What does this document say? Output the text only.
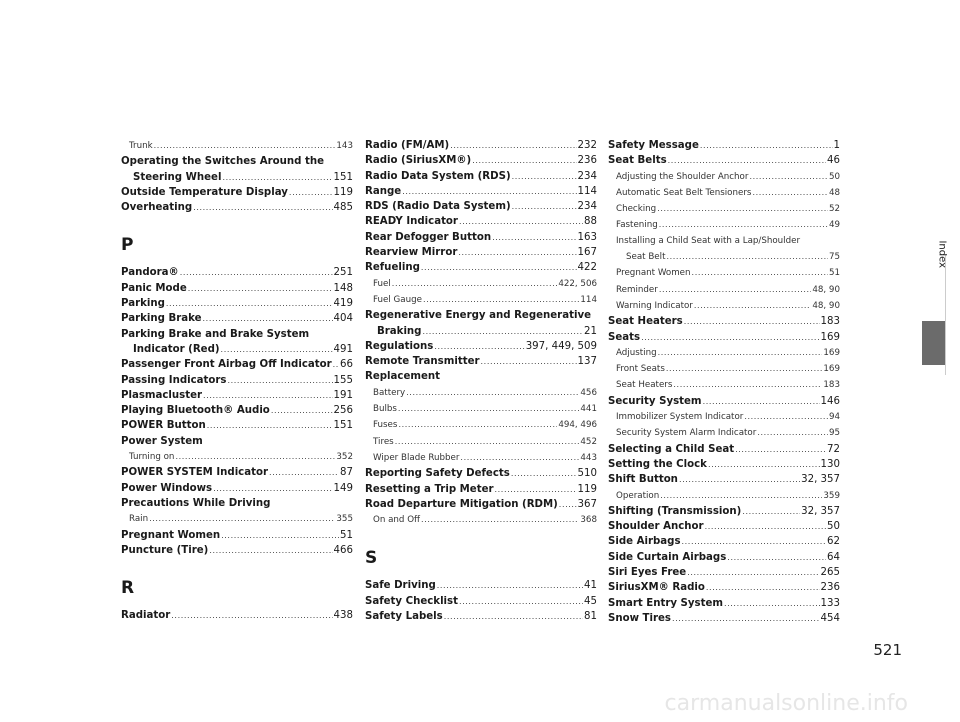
Trunk .....	143
Operating the Switches Around the
Steering Wheel .....	151
Outside Temperature Display .....	119
Overheating .....	485
P
Pandora® .....	251
Panic Mode .....	148
Parking .....	419
Parking Brake .....	404
Parking Brake and Brake System
Indicator (Red) .....	491
Passenger Front Airbag Off Indicator ..... 66
Passing Indicators .....	155
Plasmacluster .....	191
Playing Bluetooth® Audio .....	256
POWER Button .....	151
Power System
Turning on .....	352
POWER SYSTEM Indicator .....	87
Power Windows .....	149
Precautions While Driving
Rain .....	355
Pregnant Women .....	51
Puncture (Tire) .....	466
R
Radiator .....	438
Radio (FM/AM) .....	232
Radio (SiriusXM®) .....	236
Radio Data System (RDS) .....	234
Range .....	114
RDS (Radio Data System) .....	234
READY Indicator .....	88
Rear Defogger Button .....	163
Rearview Mirror .....	167
Refueling .....	422
Fuel .....	422, 506
Fuel Gauge .....	114
Regenerative Energy and Regenerative
Braking .....	21
Regulations .....	397, 449, 509
Remote Transmitter .....	137
Replacement
Battery .....	456
Bulbs .....	441
Fuses .....	494, 496
Tires .....	452
Wiper Blade Rubber .....	443
Reporting Safety Defects .....	510
Resetting a Trip Meter .....	119
Road Departure Mitigation (RDM) ..... 367
On and Off .....	368
S
Safe Driving .....	41
Safety Checklist .....	45
Safety Labels .....	81
Safety Message .....	1
Seat Belts .....	46
Adjusting the Shoulder Anchor .....	50
Automatic Seat Belt Tensioners .....	48
Checking .....	52
Fastening .....	49
Installing a Child Seat with a Lap/Shoulder
Seat Belt .....	75
Pregnant Women .....	51
Reminder .....	48, 90
Warning Indicator .....	48, 90
Seat Heaters .....	183
Seats .....	169
Adjusting .....	169
Front Seats .....	169
Seat Heaters .....	183
Security System .....	146
Immobilizer System Indicator .....	94
Security System Alarm Indicator .....	95
Selecting a Child Seat .....	72
Setting the Clock .....	130
Shift Button .....	32, 357
Operation .....	359
Shifting (Transmission) .....	32, 357
Shoulder Anchor .....	50
Side Airbags .....	62
Side Curtain Airbags .....	64
Siri Eyes Free .....	265
SiriusXM® Radio .....	236
Smart Entry System .....	133
Snow Tires .....	454
Index
521
carmanualsonline.info
